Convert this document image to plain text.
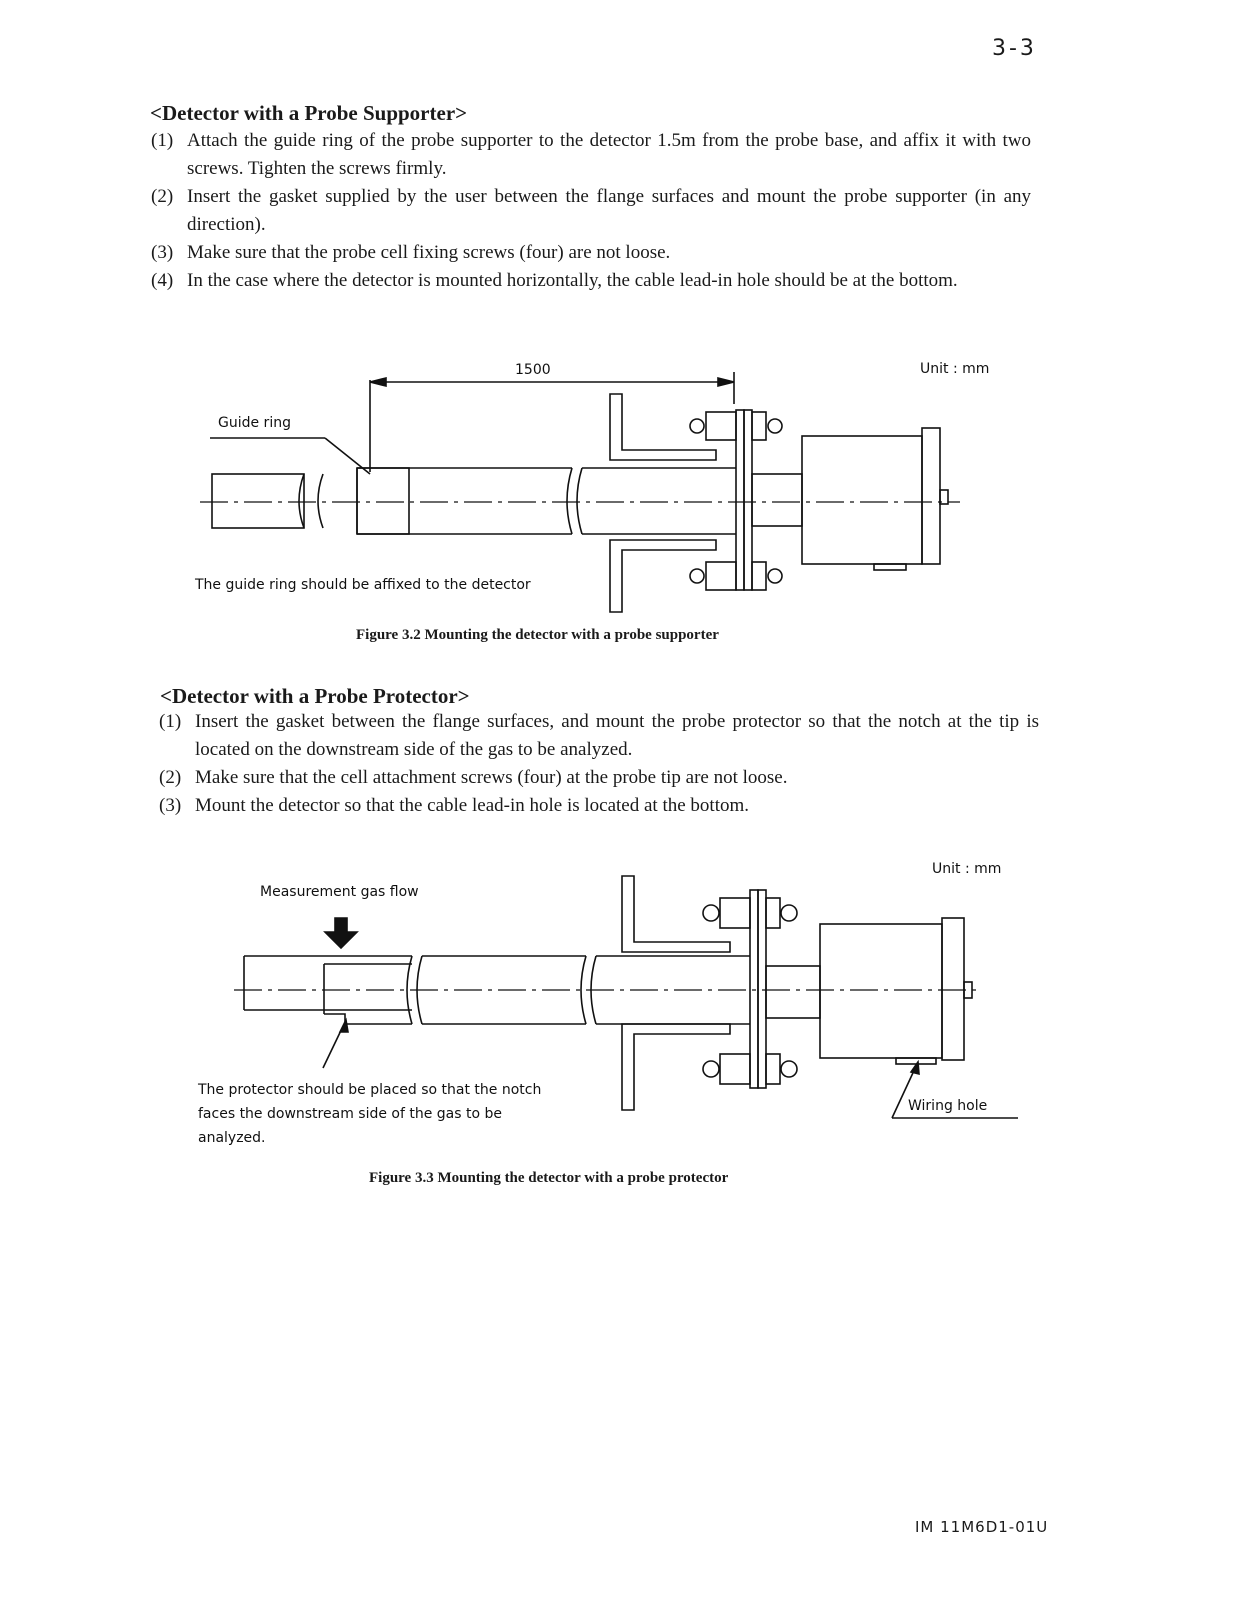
3-3
<Detector with a Probe Supporter>
(1) Attach the guide ring of the probe supporter to the detector 1.5m from the probe base, and affix it with two screws. Tighten the screws firmly.
(2) Insert the gasket supplied by the user between the flange surfaces and mount the probe supporter (in any direction).
(3) Make sure that the probe cell fixing screws (four) are not loose.
(4) In the case where the detector is mounted horizontally, the cable lead-in hole should be at the bottom.
1500	Unit : mm
Guide ring
The guide ring should be affixed to the detector
Figure 3.2 Mounting the detector with a probe supporter
<Detector with a Probe Protector>
(1) Insert the gasket between the flange surfaces, and mount the probe protector so that the notch at the tip is located on the downstream side of the gas to be analyzed.
(2) Make sure that the cell attachment screws (four) at the probe tip are not loose.
(3) Mount the detector so that the cable lead-in hole is located at the bottom.
Measurement gas flow
Unit : mm
The protector should be placed so that the notch
faces the downstream side of the gas to be
analyzed.
Wiring hole
Figure 3.3 Mounting the detector with a probe protector
IM 11M6D1-01U
